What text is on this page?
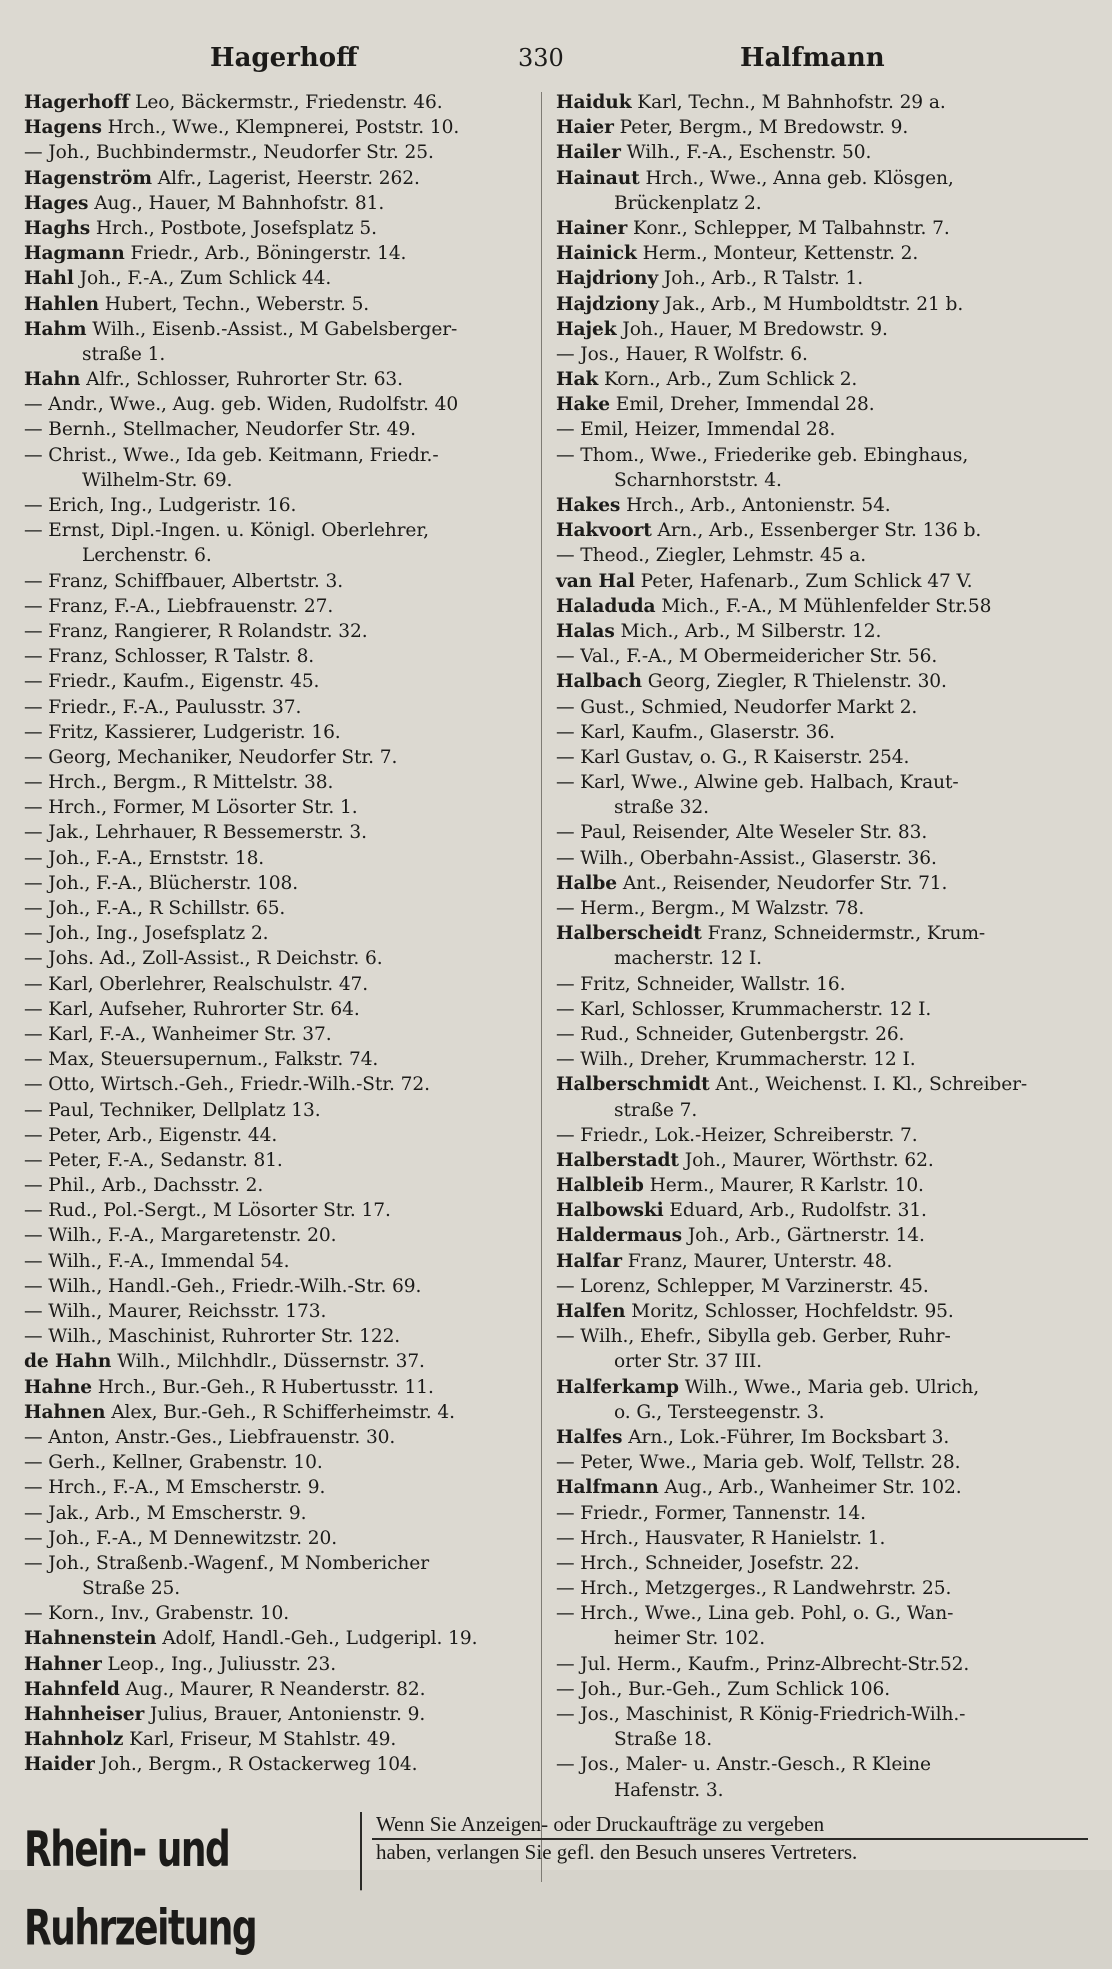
Hagerhoff	330	Halfmann
Hagerhoff Leo, Bäckermstr., Friedenstr. 46.
Hagens Hrch., Wwe., Klempnerei, Poststr. 10.
— Joh., Buchbindermstr., Neudorfer Str. 25.
Hagenström Alfr., Lagerist, Heerstr. 262.
Hages Aug., Hauer, M Bahnhofstr. 81.
Haghs Hrch., Postbote, Josefsplatz 5.
Hagmann Friedr., Arb., Böningerstr. 14.
Hahl Joh., F.-A., Zum Schlick 44.
Hahlen Hubert, Techn., Weberstr. 5.
Hahm Wilh., Eisenb.-Assist., M Gabelsberger-
straße 1.
Hahn Alfr., Schlosser, Ruhrorter Str. 63.
— Andr., Wwe., Aug. geb. Widen, Rudolfstr. 40
— Bernh., Stellmacher, Neudorfer Str. 49.
— Christ., Wwe., Ida geb. Keitmann, Friedr.-
Wilhelm-Str. 69.
— Erich, Ing., Ludgeristr. 16.
— Ernst, Dipl.-Ingen. u. Königl. Oberlehrer,
Lerchenstr. 6.
— Franz, Schiffbauer, Albertstr. 3.
— Franz, F.-A., Liebfrauenstr. 27.
— Franz, Rangierer, R Rolandstr. 32.
— Franz, Schlosser, R Talstr. 8.
— Friedr., Kaufm., Eigenstr. 45.
— Friedr., F.-A., Paulusstr. 37.
— Fritz, Kassierer, Ludgeristr. 16.
— Georg, Mechaniker, Neudorfer Str. 7.
— Hrch., Bergm., R Mittelstr. 38.
— Hrch., Former, M Lösorter Str. 1.
— Jak., Lehrhauer, R Bessemerstr. 3.
— Joh., F.-A., Ernststr. 18.
— Joh., F.-A., Blücherstr. 108.
— Joh., F.-A., R Schillstr. 65.
— Joh., Ing., Josefsplatz 2.
— Johs. Ad., Zoll-Assist., R Deichstr. 6.
— Karl, Oberlehrer, Realschulstr. 47.
— Karl, Aufseher, Ruhrorter Str. 64.
— Karl, F.-A., Wanheimer Str. 37.
— Max, Steuersupernum., Falkstr. 74.
— Otto, Wirtsch.-Geh., Friedr.-Wilh.-Str. 72.
— Paul, Techniker, Dellplatz 13.
— Peter, Arb., Eigenstr. 44.
— Peter, F.-A., Sedanstr. 81.
— Phil., Arb., Dachsstr. 2.
— Rud., Pol.-Sergt., M Lösorter Str. 17.
— Wilh., F.-A., Margaretenstr. 20.
— Wilh., F.-A., Immendal 54.
— Wilh., Handl.-Geh., Friedr.-Wilh.-Str. 69.
— Wilh., Maurer, Reichsstr. 173.
— Wilh., Maschinist, Ruhrorter Str. 122.
de Hahn Wilh., Milchhdlr., Düssernstr. 37.
Hahne Hrch., Bur.-Geh., R Hubertusstr. 11.
Hahnen Alex, Bur.-Geh., R Schifferheimstr. 4.
— Anton, Anstr.-Ges., Liebfrauenstr. 30.
— Gerh., Kellner, Grabenstr. 10.
— Hrch., F.-A., M Emscherstr. 9.
— Jak., Arb., M Emscherstr. 9.
— Joh., F.-A., M Dennewitzstr. 20.
— Joh., Straßenb.-Wagenf., M Nombericher
Straße 25.
— Korn., Inv., Grabenstr. 10.
Hahnenstein Adolf, Handl.-Geh., Ludgeripl. 19.
Hahner Leop., Ing., Juliusstr. 23.
Hahnfeld Aug., Maurer, R Neanderstr. 82.
Hahnheiser Julius, Brauer, Antonienstr. 9.
Hahnholz Karl, Friseur, M Stahlstr. 49.
Haider Joh., Bergm., R Ostackerweg 104.
Haiduk Karl, Techn., M Bahnhofstr. 29 a.
Haier Peter, Bergm., M Bredowstr. 9.
Hailer Wilh., F.-A., Eschenstr. 50.
Hainaut Hrch., Wwe., Anna geb. Klösgen,
Brückenplatz 2.
Hainer Konr., Schlepper, M Talbahnstr. 7.
Hainick Herm., Monteur, Kettenstr. 2.
Hajdriony Joh., Arb., R Talstr. 1.
Hajdziony Jak., Arb., M Humboldtstr. 21 b.
Hajek Joh., Hauer, M Bredowstr. 9.
— Jos., Hauer, R Wolfstr. 6.
Hak Korn., Arb., Zum Schlick 2.
Hake Emil, Dreher, Immendal 28.
— Emil, Heizer, Immendal 28.
— Thom., Wwe., Friederike geb. Ebinghaus,
Scharnhorststr. 4.
Hakes Hrch., Arb., Antonienstr. 54.
Hakvoort Arn., Arb., Essenberger Str. 136 b.
— Theod., Ziegler, Lehmstr. 45 a.
van Hal Peter, Hafenarb., Zum Schlick 47 V.
Haladuda Mich., F.-A., M Mühlenfelder Str.58
Halas Mich., Arb., M Silberstr. 12.
— Val., F.-A., M Obermeidericher Str. 56.
Halbach Georg, Ziegler, R Thielenstr. 30.
— Gust., Schmied, Neudorfer Markt 2.
— Karl, Kaufm., Glaserstr. 36.
— Karl Gustav, o. G., R Kaiserstr. 254.
— Karl, Wwe., Alwine geb. Halbach, Kraut-
straße 32.
— Paul, Reisender, Alte Weseler Str. 83.
— Wilh., Oberbahn-Assist., Glaserstr. 36.
Halbe Ant., Reisender, Neudorfer Str. 71.
— Herm., Bergm., M Walzstr. 78.
Halberscheidt Franz, Schneidermstr., Krum-
macherstr. 12 I.
— Fritz, Schneider, Wallstr. 16.
— Karl, Schlosser, Krummacherstr. 12 I.
— Rud., Schneider, Gutenbergstr. 26.
— Wilh., Dreher, Krummacherstr. 12 I.
Halberschmidt Ant., Weichenst. I. Kl., Schreiber-
straße 7.
— Friedr., Lok.-Heizer, Schreiberstr. 7.
Halberstadt Joh., Maurer, Wörthstr. 62.
Halbleib Herm., Maurer, R Karlstr. 10.
Halbowski Eduard, Arb., Rudolfstr. 31.
Haldermaus Joh., Arb., Gärtnerstr. 14.
Halfar Franz, Maurer, Unterstr. 48.
— Lorenz, Schlepper, M Varzinerstr. 45.
Halfen Moritz, Schlosser, Hochfeldstr. 95.
— Wilh., Ehefr., Sibylla geb. Gerber, Ruhr-
orter Str. 37 III.
Halferkamp Wilh., Wwe., Maria geb. Ulrich,
o. G., Tersteegenstr. 3.
Halfes Arn., Lok.-Führer, Im Bocksbart 3.
— Peter, Wwe., Maria geb. Wolf, Tellstr. 28.
Halfmann Aug., Arb., Wanheimer Str. 102.
— Friedr., Former, Tannenstr. 14.
— Hrch., Hausvater, R Hanielstr. 1.
— Hrch., Schneider, Josefstr. 22.
— Hrch., Metzgerges., R Landwehrstr. 25.
— Hrch., Wwe., Lina geb. Pohl, o. G., Wan-
heimer Str. 102.
— Jul. Herm., Kaufm., Prinz-Albrecht-Str.52.
— Joh., Bur.-Geh., Zum Schlick 106.
— Jos., Maschinist, R König-Friedrich-Wilh.-
Straße 18.
— Jos., Maler- u. Anstr.-Gesch., R Kleine
Hafenstr. 3.
Rhein- und Ruhrzeitung
Wenn Sie Anzeigen- oder Druckaufträge zu vergeben
haben, verlangen Sie gefl. den Besuch unseres Vertreters.
